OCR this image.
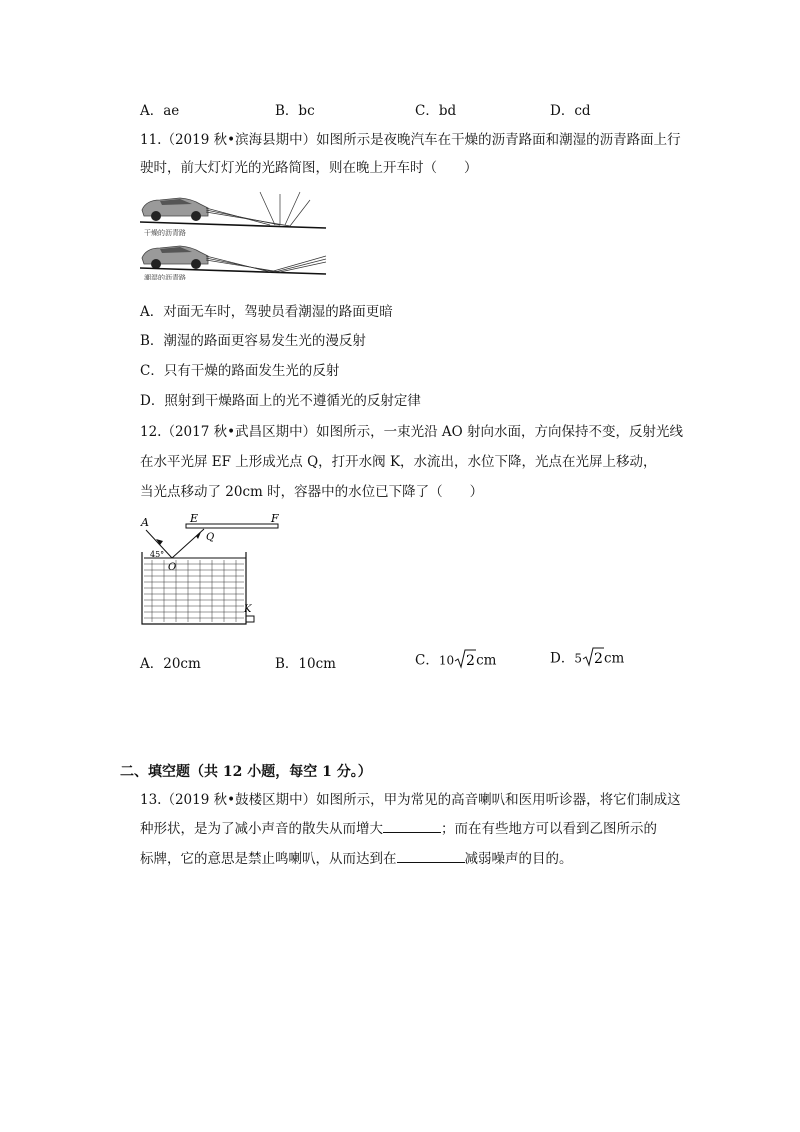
A．ae	B．bc	C．bd	D．cd
11.（2019 秋•滨海县期中）如图所示是夜晚汽车在干燥的沥青路面和潮湿的沥青路面上行
驶时，前大灯灯光的光路简图，则在晚上开车时（　　）
干燥的沥青路
潮湿的沥青路
A．对面无车时，驾驶员看潮湿的路面更暗
B．潮湿的路面更容易发生光的漫反射
C．只有干燥的路面发生光的反射
D．照射到干燥路面上的光不遵循光的反射定律
12.（2017 秋•武昌区期中）如图所示，一束光沿 AO 射向水面，方向保持不变，反射光线
在水平光屏 EF 上形成光点 Q，打开水阀 K，水流出，水位下降，光点在光屏上移动，
当光点移动了 20cm 时，容器中的水位已下降了（　　）
E	F
A
Q
45°
O
K
A．20cm	B．10cm	C．10 2 cm	D．5 2 cm
二、填空题（共 12 小题，每空 1 分。）
13.（2019 秋•鼓楼区期中）如图所示，甲为常见的高音喇叭和医用听诊器，将它们制成这
种形状，是为了减小声音的散失从而增大	；而在有些地方可以看到乙图所示的
标牌，它的意思是禁止鸣喇叭，从而达到在	减弱噪声的目的。
